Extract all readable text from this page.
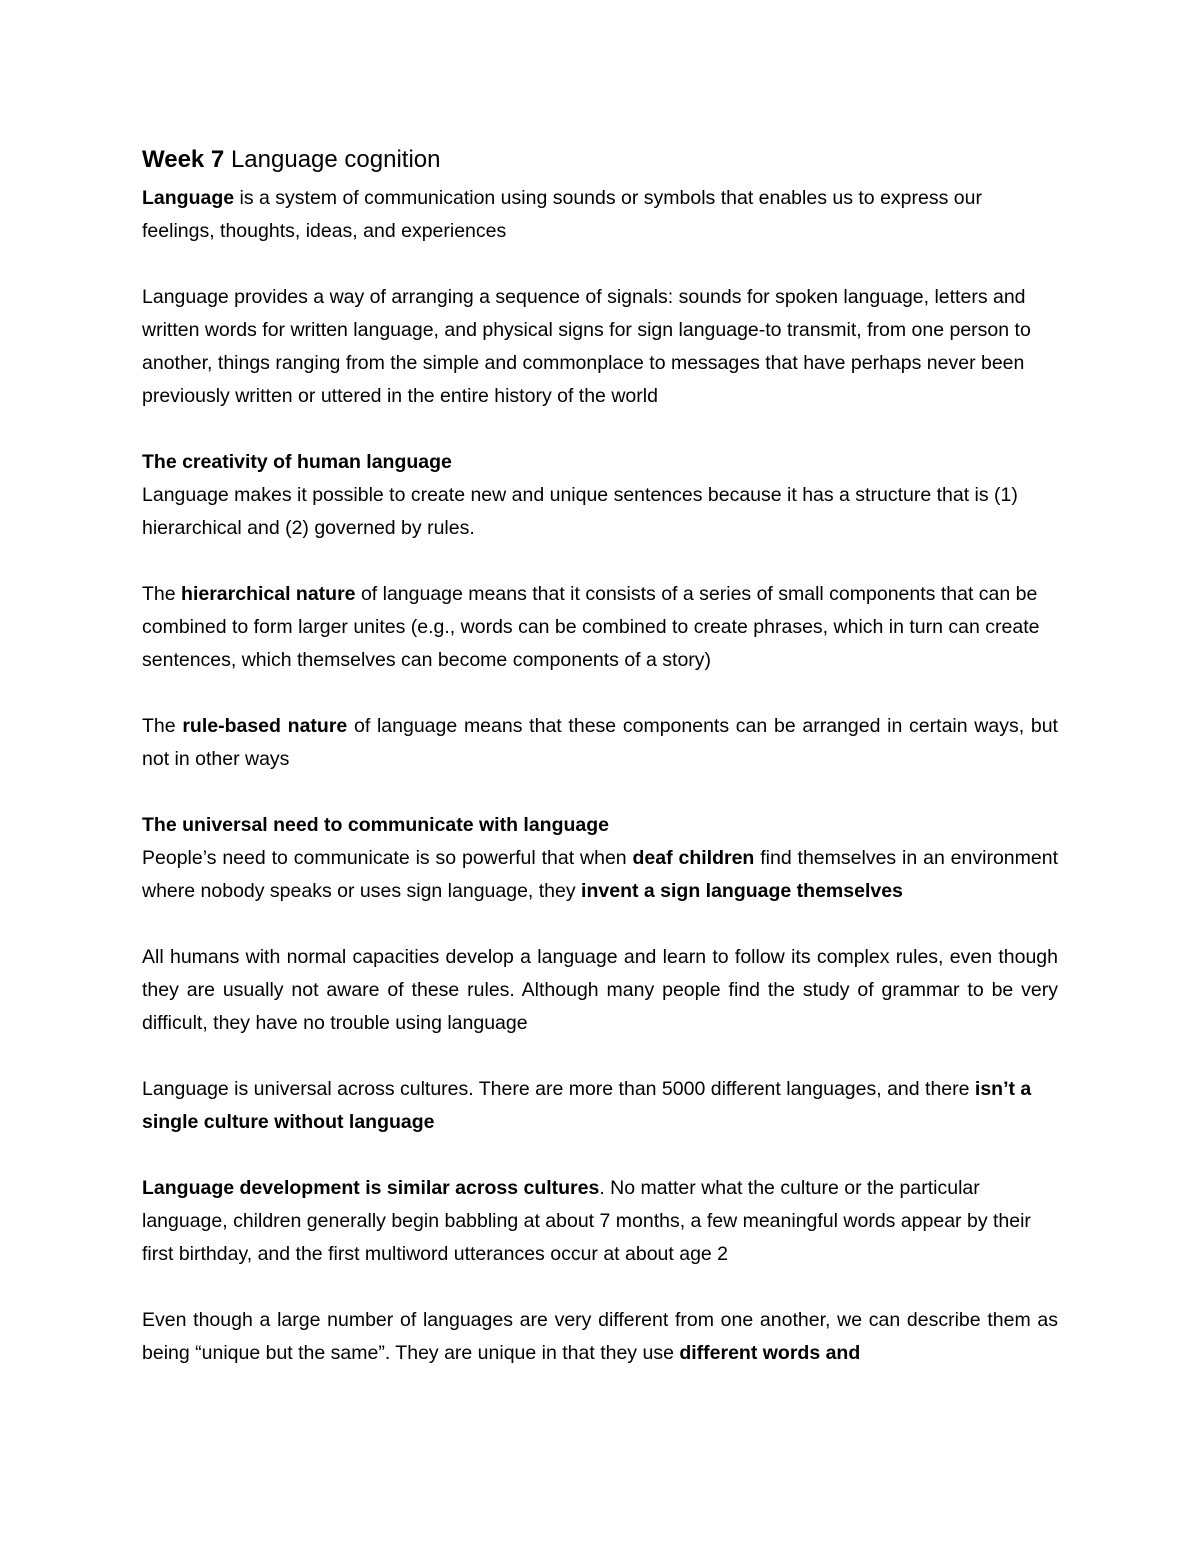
Week 7 Language cognition

Language is a system of communication using sounds or symbols that enables us to express our feelings, thoughts, ideas, and experiences

Language provides a way of arranging a sequence of signals: sounds for spoken language, letters and written words for written language, and physical signs for sign language-to transmit, from one person to another, things ranging from the simple and commonplace to messages that have perhaps never been previously written or uttered in the entire history of the world

The creativity of human language

Language makes it possible to create new and unique sentences because it has a structure that is (1) hierarchical and (2) governed by rules.

The hierarchical nature of language means that it consists of a series of small components that can be combined to form larger unites (e.g., words can be combined to create phrases, which in turn can create sentences, which themselves can become components of a story)

The rule-based nature of language means that these components can be arranged in certain ways, but not in other ways

The universal need to communicate with language

People’s need to communicate is so powerful that when deaf children find themselves in an environment where nobody speaks or uses sign language, they invent a sign language themselves

All humans with normal capacities develop a language and learn to follow its complex rules, even though they are usually not aware of these rules. Although many people find the study of grammar to be very difficult, they have no trouble using language

Language is universal across cultures. There are more than 5000 different languages, and there isn’t a single culture without language

Language development is similar across cultures. No matter what the culture or the particular language, children generally begin babbling at about 7 months, a few meaningful words appear by their first birthday, and the first multiword utterances occur at about age 2

Even though a large number of languages are very different from one another, we can describe them as being “unique but the same”. They are unique in that they use different words and
